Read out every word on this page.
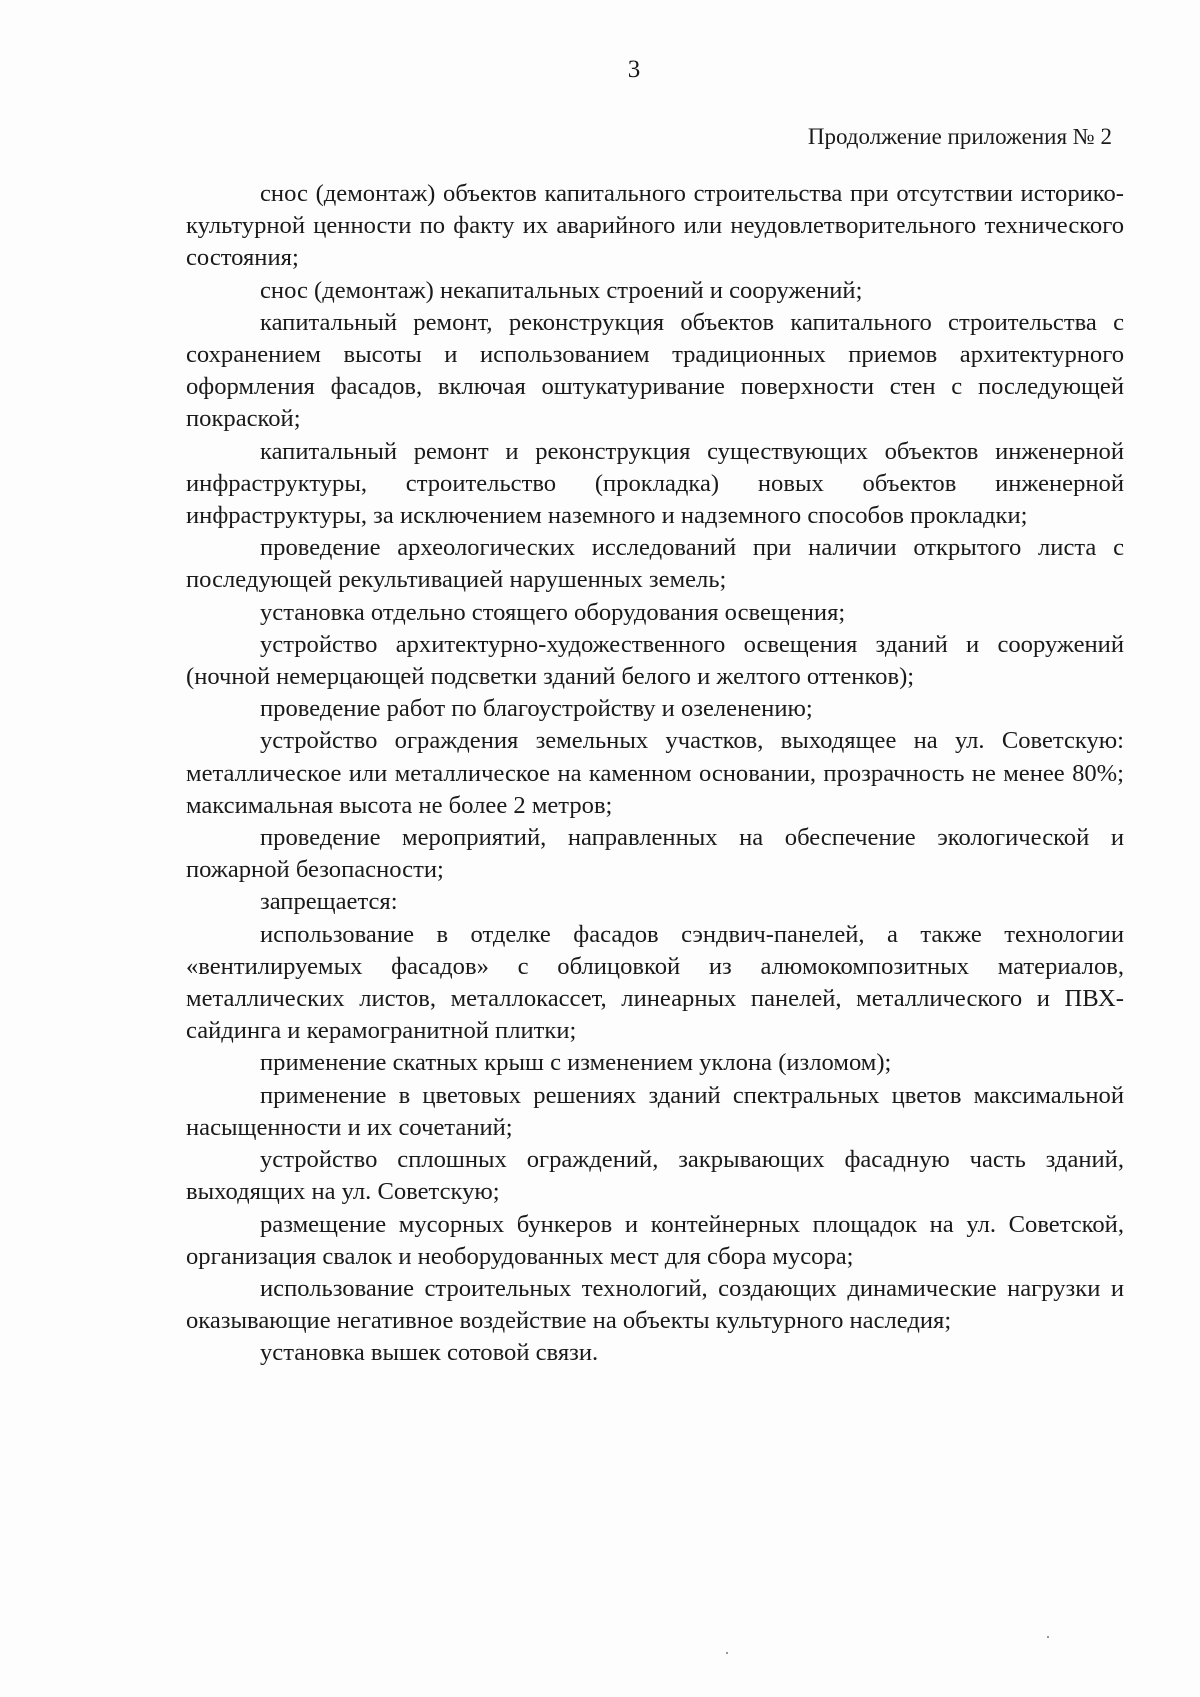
3
Продолжение приложения № 2

снос (демонтаж) объектов капитального строительства при отсутствии историко-культурной ценности по факту их аварийного или неудовлетворительного технического состояния;

снос (демонтаж) некапитальных строений и сооружений;

капитальный ремонт, реконструкция объектов капитального строительства с сохранением высоты и использованием традиционных приемов архитектурного оформления фасадов, включая оштукатуривание поверхности стен с последующей покраской;

капитальный ремонт и реконструкция существующих объектов инженерной инфраструктуры, строительство (прокладка) новых объектов инженерной инфраструктуры, за исключением наземного и надземного способов прокладки;

проведение археологических исследований при наличии открытого листа с последующей рекультивацией нарушенных земель;

установка отдельно стоящего оборудования освещения;

устройство архитектурно-художественного освещения зданий и сооружений (ночной немерцающей подсветки зданий белого и желтого оттенков);

проведение работ по благоустройству и озеленению;

устройство ограждения земельных участков, выходящее на ул. Советскую: металлическое или металлическое на каменном основании, прозрачность не менее 80%; максимальная высота не более 2 метров;

проведение мероприятий, направленных на обеспечение экологической и пожарной безопасности;

запрещается:

использование в отделке фасадов сэндвич-панелей, а также технологии «вентилируемых фасадов» с облицовкой из алюмокомпозитных материалов, металлических листов, металлокассет, линеарных панелей, металлического и ПВХ-сайдинга и керамогранитной плитки;

применение скатных крыш с изменением уклона (изломом);

применение в цветовых решениях зданий спектральных цветов максимальной насыщенности и их сочетаний;

устройство сплошных ограждений, закрывающих фасадную часть зданий, выходящих на ул. Советскую;

размещение мусорных бункеров и контейнерных площадок на ул. Советской, организация свалок и необорудованных мест для сбора мусора;

использование строительных технологий, создающих динамические нагрузки и оказывающие негативное воздействие на объекты культурного наследия;

установка вышек сотовой связи.
